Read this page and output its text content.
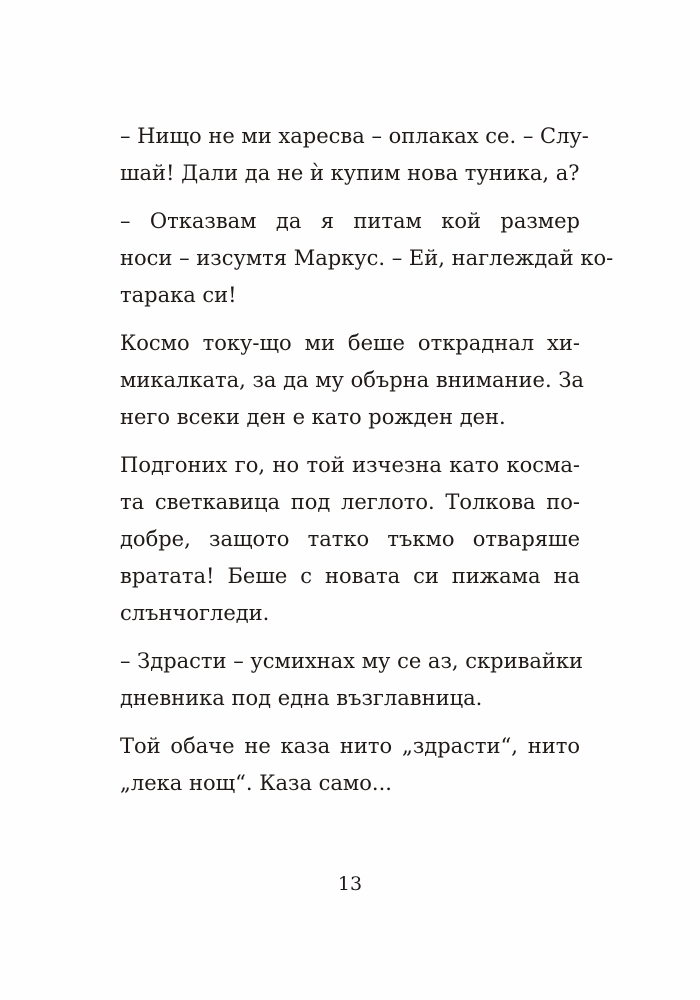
– Нищо не ми харесва – оплаках се. – Слу-
шай! Дали да не ѝ купим нова туника, а?
– Отказвам да я питам кой размер
носи – изсумтя Маркус. – Ей, наглеждай ко-
тарака си!
Космо току-що ми беше откраднал хи-
микалката, за да му обърна внимание. За
него всеки ден е като рожден ден.
Подгоних го, но той изчезна като косма-
та светкавица под леглото. Толкова по-
добре, защото татко тъкмо отваряше
вратата! Беше с новата си пижама на
слънчогледи.
– Здрасти – усмихнах му се аз, скривайки
дневника под една възглавница.
Той обаче не каза нито „здрасти“, нито
„лека нощ“. Каза само...
13
